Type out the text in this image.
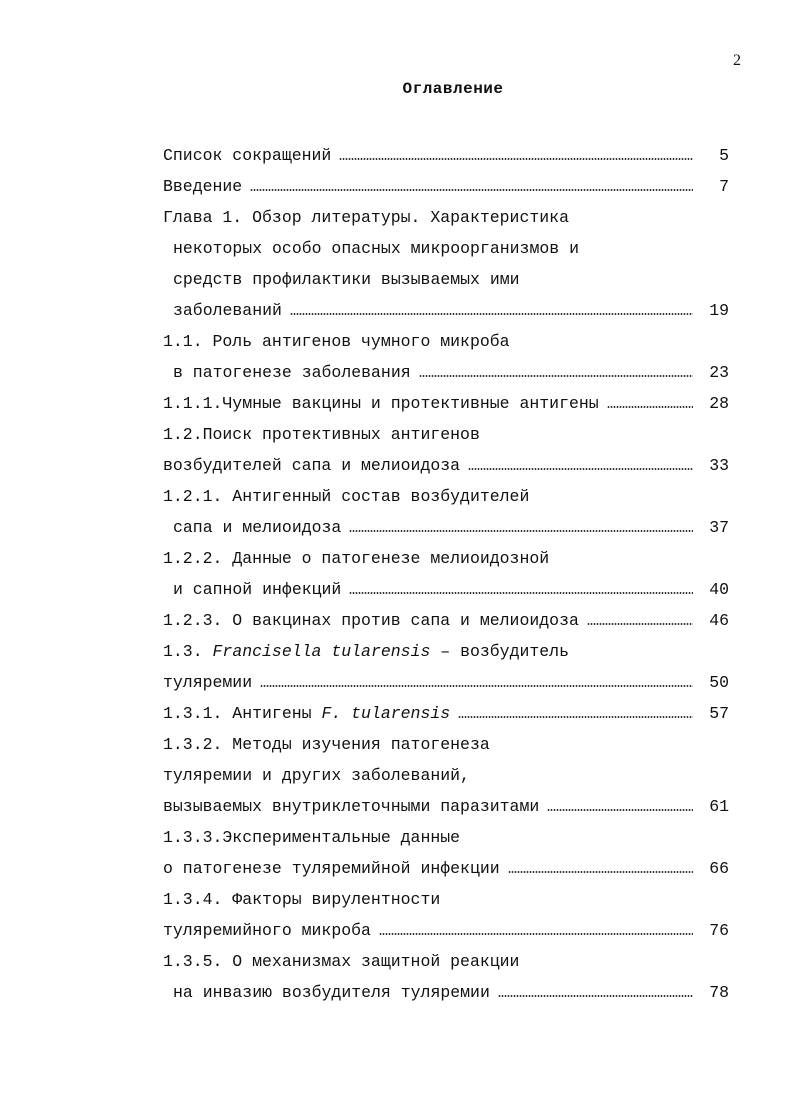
2
Оглавление
Список сокращений	5
Введение	7
Глава 1. Обзор литературы. Характеристика
некоторых особо опасных микроорганизмов и
средств профилактики вызываемых ими
заболеваний	19
1.1. Роль антигенов чумного микроба
в патогенезе заболевания	23
1.1.1.Чумные вакцины и протективные антигены	28
1.2.Поиск протективных антигенов
возбудителей сапа и мелиоидоза	33
1.2.1. Антигенный состав возбудителей
сапа и мелиоидоза	37
1.2.2. Данные о патогенезе мелиоидозной
и сапной инфекций	40
1.2.3. О вакцинах против сапа и мелиоидоза	46
1.3. Francisella tularensis – возбудитель
туляремии	50
1.3.1. Антигены F. tularensis	57
1.3.2. Методы изучения патогенеза
туляремии и других заболеваний,
вызываемых внутриклеточными паразитами	61
1.3.3.Экспериментальные данные
о патогенезе туляремийной инфекции	66
1.3.4. Факторы вирулентности
туляремийного микроба	76
1.3.5. О механизмах защитной реакции
на инвазию возбудителя туляремии	78
